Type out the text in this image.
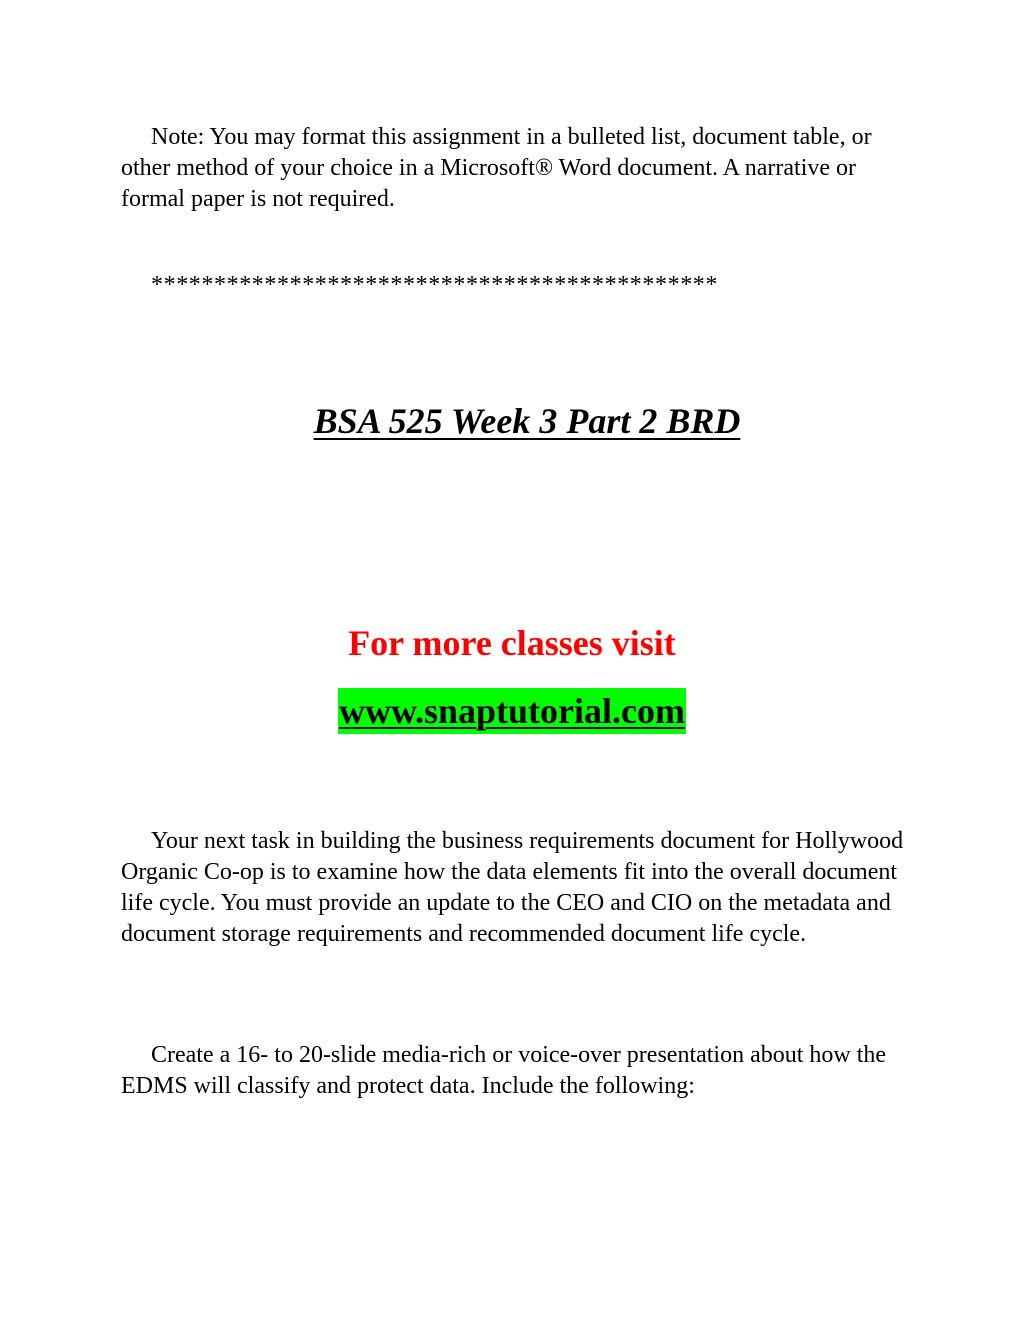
Note: You may format this assignment in a bulleted list, document table, or other method of your choice in a Microsoft® Word document. A narrative or formal paper is not required.

*********************************************

BSA 525 Week 3 Part 2 BRD

For more classes visit

www.snaptutorial.com

Your next task in building the business requirements document for Hollywood Organic Co-op is to examine how the data elements fit into the overall document life cycle. You must provide an update to the CEO and CIO on the metadata and document storage requirements and recommended document life cycle.

Create a 16- to 20-slide media-rich or voice-over presentation about how the EDMS will classify and protect data. Include the following:
